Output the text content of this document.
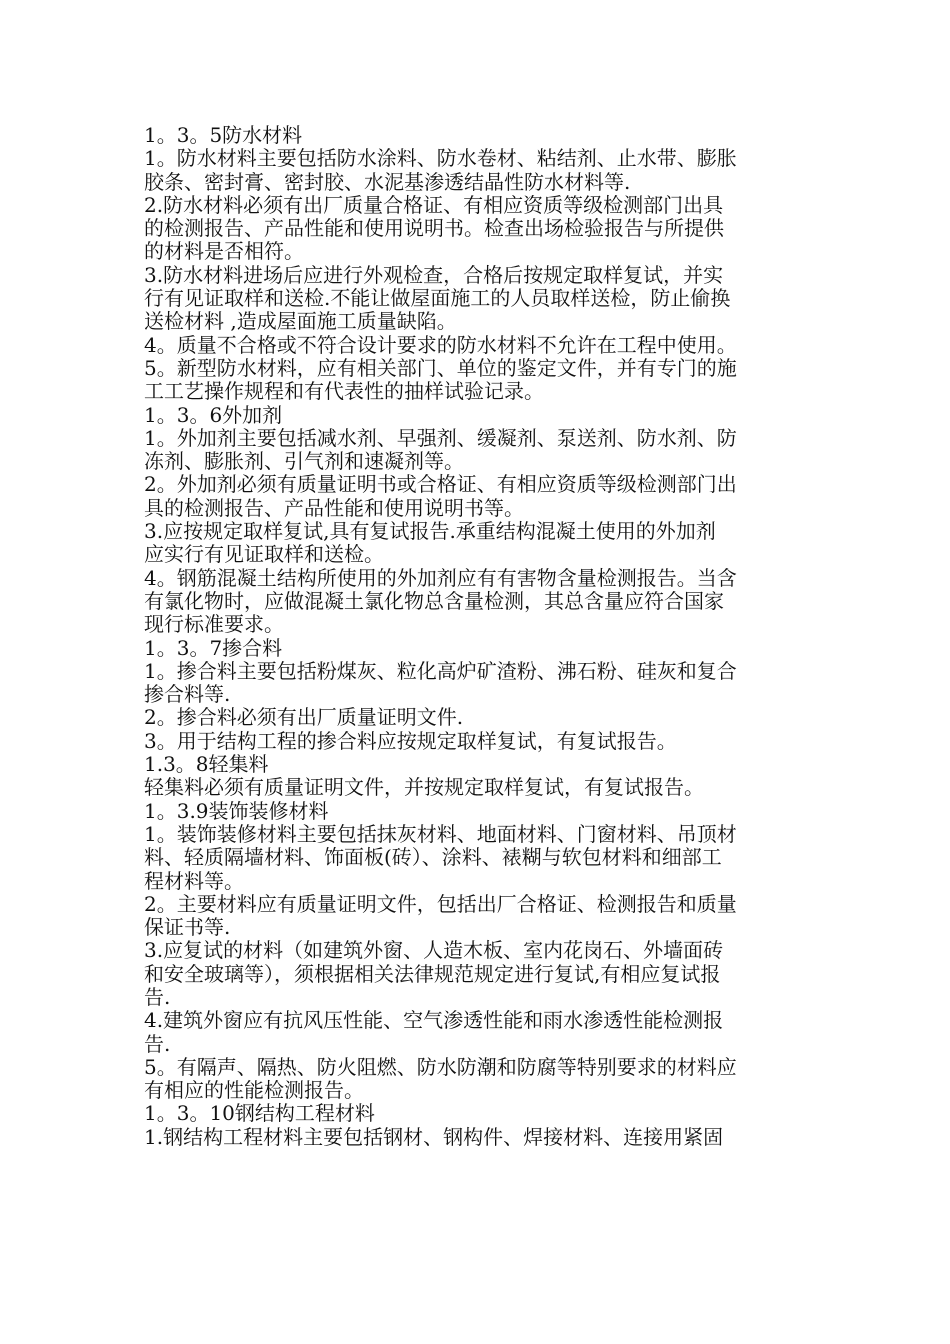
1。3。5防水材料
1。防水材料主要包括防水涂料、防水卷材、粘结剂、止水带、膨胀
胶条、密封膏、密封胶、水泥基渗透结晶性防水材料等.
2.防水材料必须有出厂质量合格证、有相应资质等级检测部门出具
的检测报告、产品性能和使用说明书。检查出场检验报告与所提供
的材料是否相符。
3.防水材料进场后应进行外观检查，合格后按规定取样复试，并实
行有见证取样和送检.不能让做屋面施工的人员取样送检，防止偷换
送检材料 ,造成屋面施工质量缺陷。
4。质量不合格或不符合设计要求的防水材料不允许在工程中使用。
5。新型防水材料，应有相关部门、单位的鉴定文件，并有专门的施
工工艺操作规程和有代表性的抽样试验记录。
1。3。6外加剂
1。外加剂主要包括减水剂、早强剂、缓凝剂、泵送剂、防水剂、防
冻剂、膨胀剂、引气剂和速凝剂等。
2。外加剂必须有质量证明书或合格证、有相应资质等级检测部门出
具的检测报告、产品性能和使用说明书等。
3.应按规定取样复试,具有复试报告.承重结构混凝土使用的外加剂
应实行有见证取样和送检。
4。钢筋混凝土结构所使用的外加剂应有有害物含量检测报告。当含
有氯化物时，应做混凝土氯化物总含量检测，其总含量应符合国家
现行标准要求。
1。3。7掺合料
1。掺合料主要包括粉煤灰、粒化高炉矿渣粉、沸石粉、硅灰和复合
掺合料等.
2。掺合料必须有出厂质量证明文件.
3。用于结构工程的掺合料应按规定取样复试，有复试报告。
1.3。8轻集料
轻集料必须有质量证明文件，并按规定取样复试，有复试报告。
1。3.9装饰装修材料
1。装饰装修材料主要包括抹灰材料、地面材料、门窗材料、吊顶材
料、轻质隔墙材料、饰面板(砖）、涂料、裱糊与软包材料和细部工
程材料等。
2。主要材料应有质量证明文件，包括出厂合格证、检测报告和质量
保证书等.
3.应复试的材料（如建筑外窗、人造木板、室内花岗石、外墙面砖
和安全玻璃等），须根据相关法律规范规定进行复试,有相应复试报
告.
4.建筑外窗应有抗风压性能、空气渗透性能和雨水渗透性能检测报
告.
5。有隔声、隔热、防火阻燃、防水防潮和防腐等特别要求的材料应
有相应的性能检测报告。
1。3。10钢结构工程材料
1.钢结构工程材料主要包括钢材、钢构件、焊接材料、连接用紧固
